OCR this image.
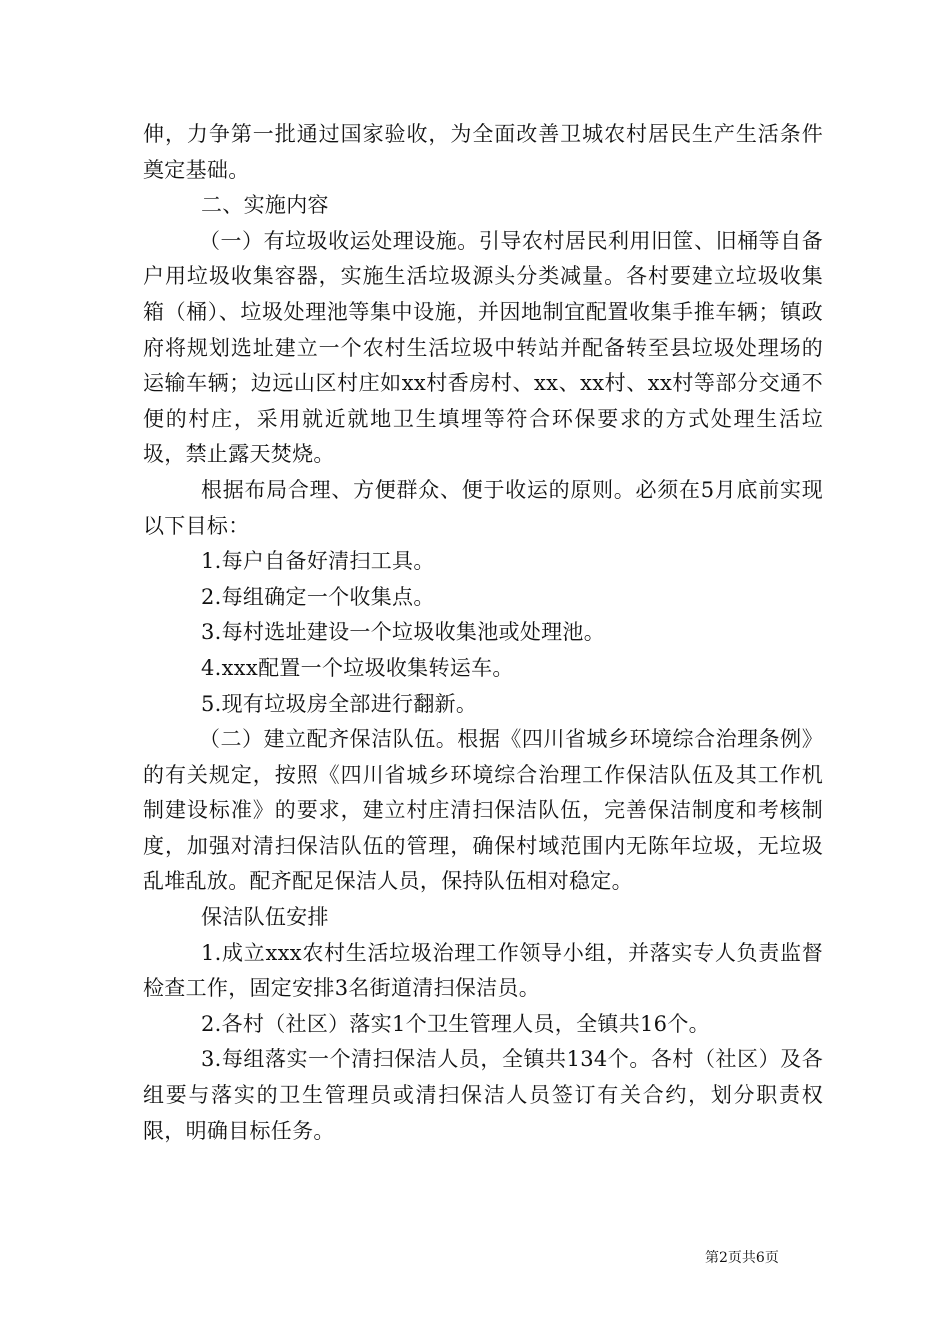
伸，力争第一批通过国家验收，为全面改善卫城农村居民生产生活条件奠定基础。

二、实施内容

（一）有垃圾收运处理设施。引导农村居民利用旧筐、旧桶等自备户用垃圾收集容器，实施生活垃圾源头分类减量。各村要建立垃圾收集箱（桶）、垃圾处理池等集中设施，并因地制宜配置收集手推车辆；镇政府将规划选址建立一个农村生活垃圾中转站并配备转至县垃圾处理场的运输车辆；边远山区村庄如xx村香房村、xx、xx村、xx村等部分交通不便的村庄，采用就近就地卫生填埋等符合环保要求的方式处理生活垃圾，禁止露天焚烧。

根据布局合理、方便群众、便于收运的原则。必须在5月底前实现以下目标：

1.每户自备好清扫工具。

2.每组确定一个收集点。

3.每村选址建设一个垃圾收集池或处理池。

4.xxx配置一个垃圾收集转运车。

5.现有垃圾房全部进行翻新。

（二）建立配齐保洁队伍。根据《四川省城乡环境综合治理条例》的有关规定，按照《四川省城乡环境综合治理工作保洁队伍及其工作机制建设标准》的要求，建立村庄清扫保洁队伍，完善保洁制度和考核制度，加强对清扫保洁队伍的管理，确保村域范围内无陈年垃圾，无垃圾乱堆乱放。配齐配足保洁人员，保持队伍相对稳定。

保洁队伍安排

1.成立xxx农村生活垃圾治理工作领导小组，并落实专人负责监督检查工作，固定安排3名街道清扫保洁员。

2.各村（社区）落实1个卫生管理人员，全镇共16个。

3.每组落实一个清扫保洁人员，全镇共134个。各村（社区）及各组要与落实的卫生管理员或清扫保洁人员签订有关合约，划分职责权限，明确目标任务。

第2页共6页
